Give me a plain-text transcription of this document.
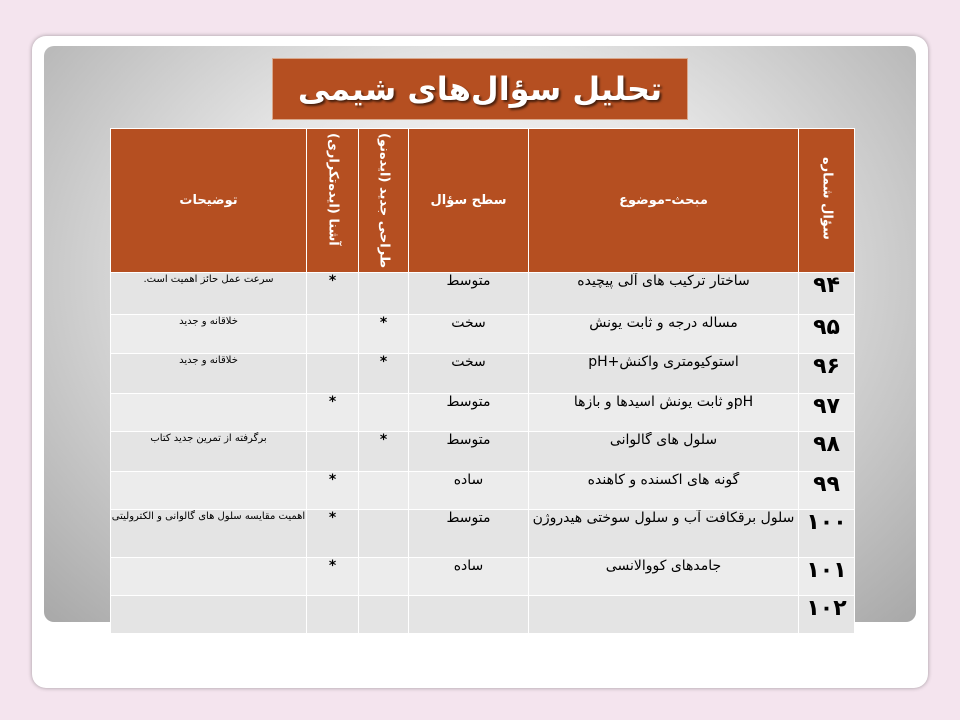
تحلیل سؤال‌های شیمی
توضیحات	آشنا (ایده‌تکراری)	طراحی جدید (ایده‌نو)	سطح سؤال	مبحث–موضوع	سؤال شماره
سرعت عمل حائز اهمیت است.	*		متوسط	ساختار ترکیب های آلی پیچیده	۹۴
خلاقانه و جدید		*	سخت	مساله درجه و ثابت یونش	۹۵
خلاقانه و جدید		*	سخت	استوکیومتری واکنش+pH	۹۶
	*		متوسط	pHو ثابت یونش اسیدها و بازها	۹۷
برگرفته از تمرین جدید کتاب		*	متوسط	سلول های گالوانی	۹۸
	*		ساده	گونه های اکسنده و کاهنده	۹۹
اهمیت مقایسه سلول های گالوانی و الکترولیتی	*		متوسط	سلول برقکافت آب و سلول سوختی هیدروژن	۱۰۰
	*		ساده	جامدهای کووالانسی	۱۰۱
					۱۰۲
